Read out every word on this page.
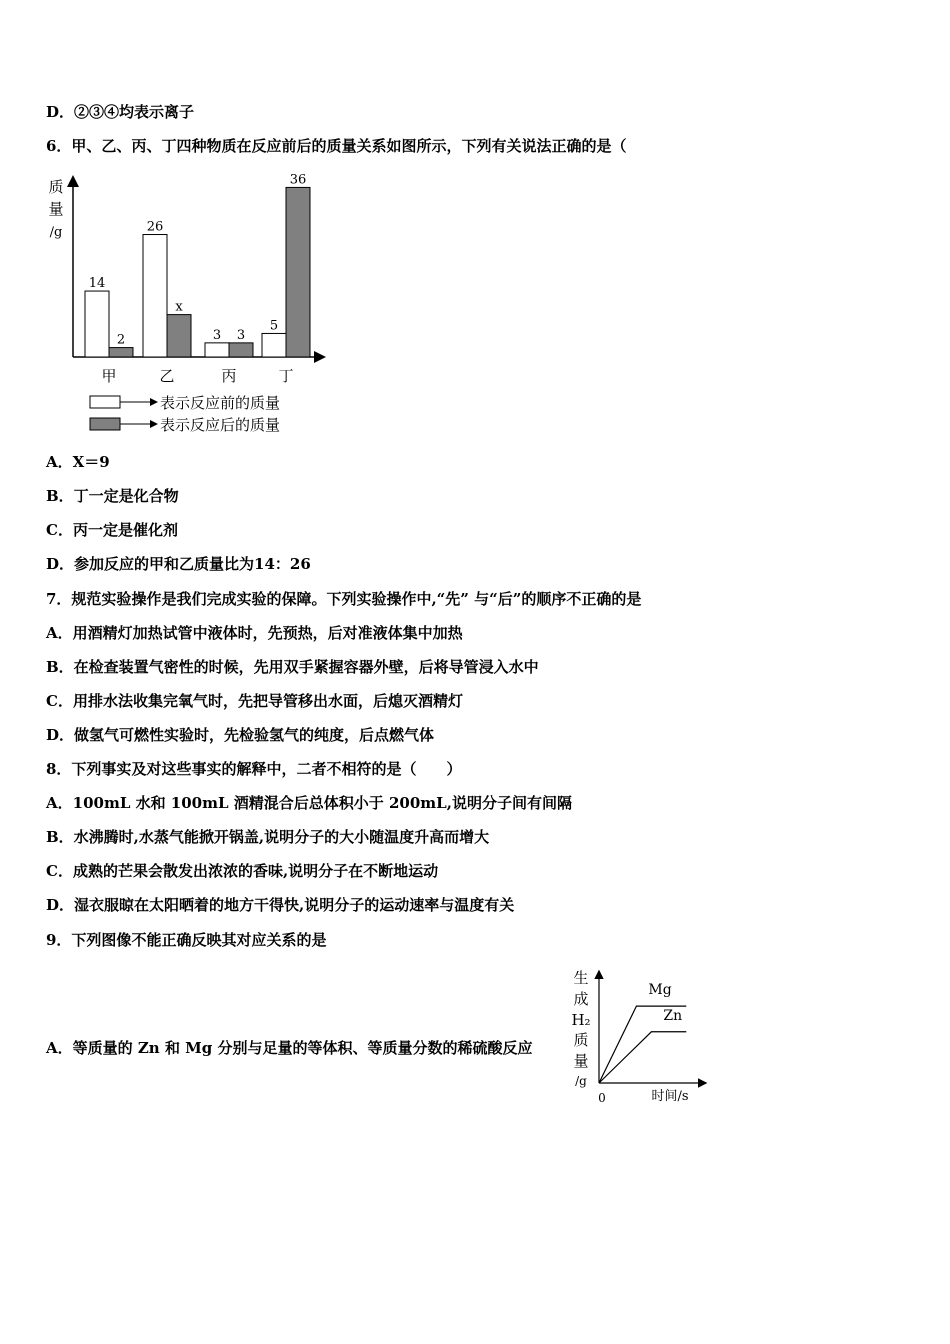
D．②③④均表示离子
6．甲、乙、丙、丁四种物质在反应前后的质量关系如图所示，下列有关说法正确的是（
质
量
/g
14
2
26
x
3 3
5
36
甲	乙	丙	丁
表示反应前的质量
表示反应后的质量
A．X＝9
B．丁一定是化合物
C．丙一定是催化剂
D．参加反应的甲和乙质量比为14：26
7．规范实验操作是我们完成实验的保障。下列实验操作中,“先” 与“后”的顺序不正确的是
A．用酒精灯加热试管中液体时，先预热，后对准液体集中加热
B．在检查装置气密性的时候，先用双手紧握容器外壁，后将导管浸入水中
C．用排水法收集完氧气时，先把导管移出水面，后熄灭酒精灯
D．做氢气可燃性实验时，先检验氢气的纯度，后点燃气体
8．下列事实及对这些事实的解释中，二者不相符的是（　　）
A．100mL 水和 100mL 酒精混合后总体积小于 200mL,说明分子间有间隔
B．水沸腾时,水蒸气能掀开锅盖,说明分子的大小随温度升高而增大
C．成熟的芒果会散发出浓浓的香味,说明分子在不断地运动
D．湿衣服晾在太阳晒着的地方干得快,说明分子的运动速率与温度有关
9．下列图像不能正确反映其对应关系的是
A．等质量的 Zn 和 Mg 分别与足量的等体积、等质量分数的稀硫酸反应
生
成
H₂
质
量
/g
0	时间/s
Mg
Zn
